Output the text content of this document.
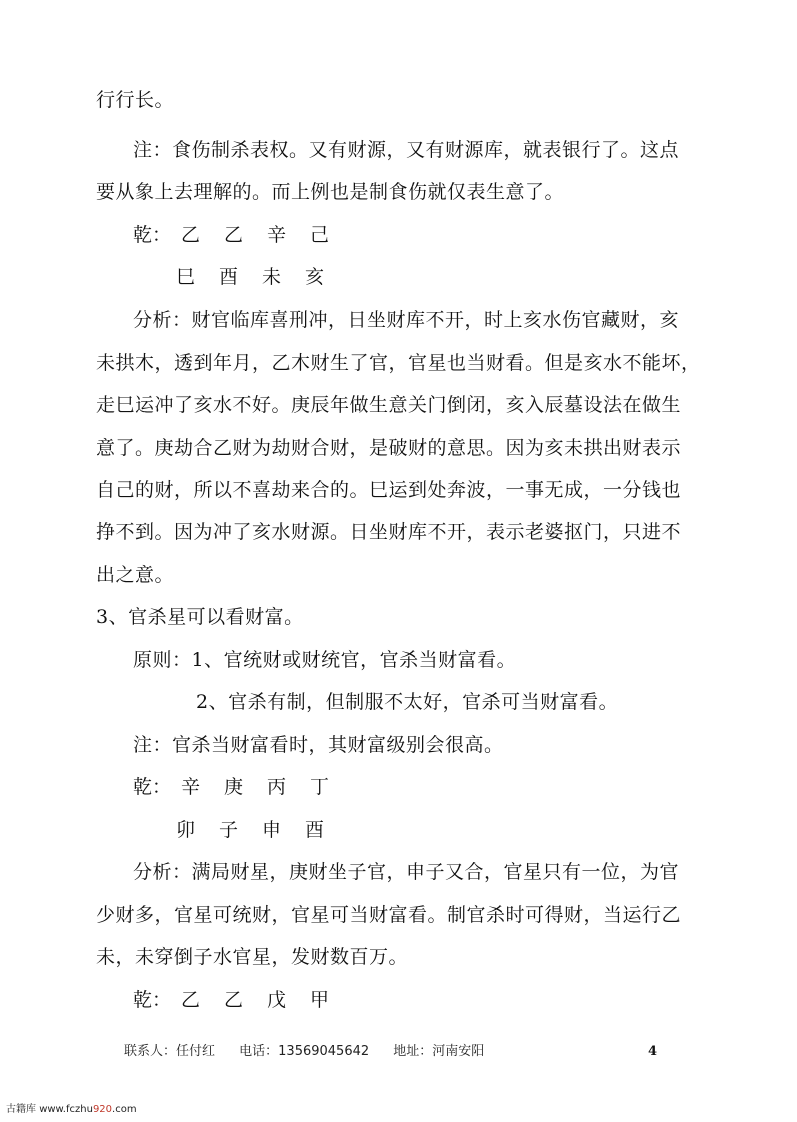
行行长。
注：食伤制杀表权。又有财源，又有财源库，就表银行了。这点
要从象上去理解的。而上例也是制食伤就仅表生意了。
乾： 乙 乙 辛 己
巳 酉 未 亥
分析：财官临库喜刑冲，日坐财库不开，时上亥水伤官藏财，亥
未拱木，透到年月，乙木财生了官，官星也当财看。但是亥水不能坏，
走巳运冲了亥水不好。庚辰年做生意关门倒闭，亥入辰墓设法在做生
意了。庚劫合乙财为劫财合财，是破财的意思。因为亥未拱出财表示
自己的财，所以不喜劫来合的。巳运到处奔波，一事无成，一分钱也
挣不到。因为冲了亥水财源。日坐财库不开，表示老婆抠门，只进不
出之意。
3、官杀星可以看财富。
原则：1、官统财或财统官，官杀当财富看。
2、官杀有制，但制服不太好，官杀可当财富看。
注：官杀当财富看时，其财富级别会很高。
乾： 辛 庚 丙 丁
卯 子 申 酉
分析：满局财星，庚财坐子官，申子又合，官星只有一位，为官
少财多，官星可统财，官星可当财富看。制官杀时可得财，当运行乙
未，未穿倒子水官星，发财数百万。
乾： 乙 乙 戊 甲
联系人：任付红 电话：13569045642 地址：河南安阳	4
古籍库 www.fczhu920.com
